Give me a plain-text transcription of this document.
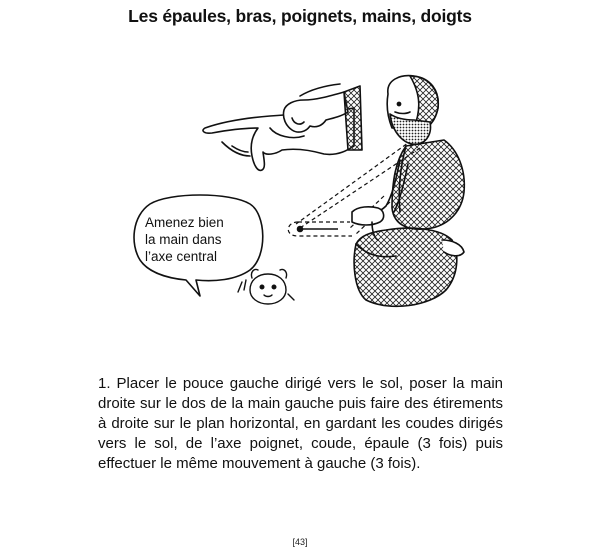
Les épaules, bras, poignets, mains, doigts
Amenez bien
la main dans
l’axe central

1. Placer le pouce gauche dirigé vers le sol, poser la main droite sur le dos de la main gauche puis faire des étirements à droite sur le plan horizontal, en gardant les coudes dirigés vers le sol, de l’axe poignet, coude, épaule (3 fois) puis effectuer le même mouvement à gauche (3 fois).

[43]
